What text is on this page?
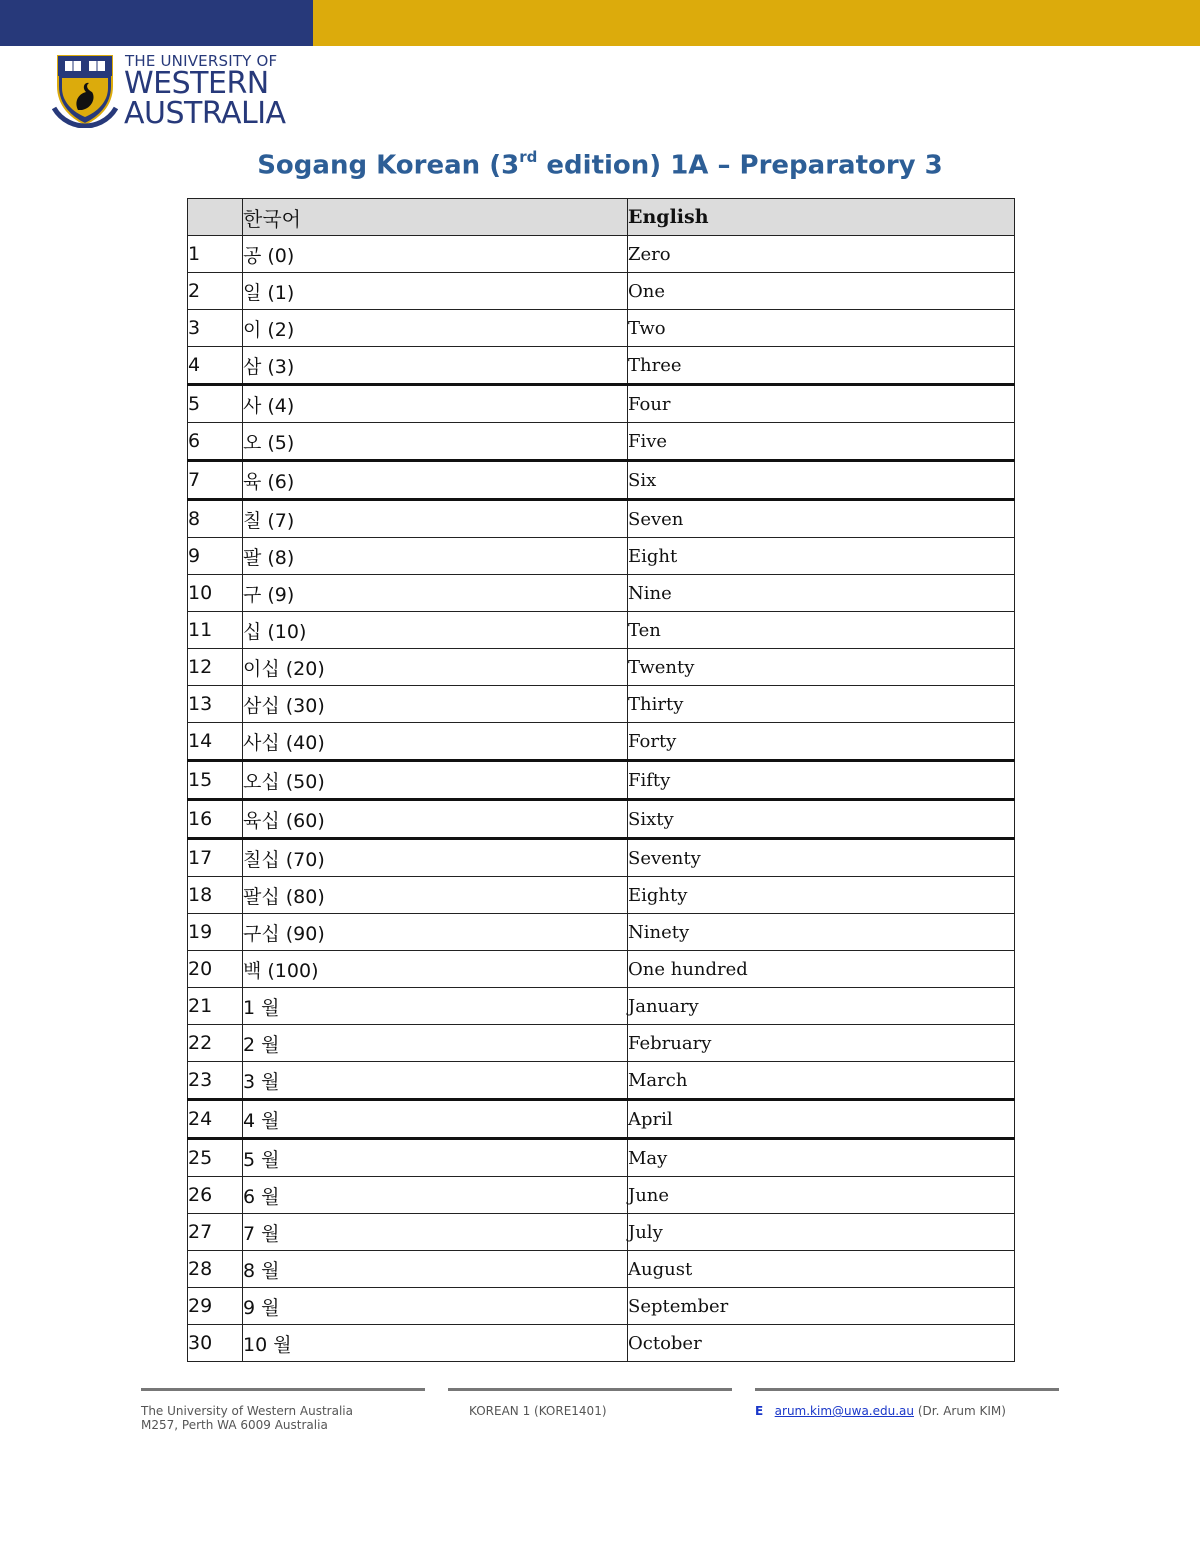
THE UNIVERSITY OF
WESTERN
AUSTRALIA
Sogang Korean (3rd edition) 1A – Preparatory 3
	한국어	English
1	공 (0)	Zero
2	일 (1)	One
3	이 (2)	Two
4	삼 (3)	Three
5	사 (4)	Four
6	오 (5)	Five
7	육 (6)	Six
8	칠 (7)	Seven
9	팔 (8)	Eight
10	구 (9)	Nine
11	십 (10)	Ten
12	이십 (20)	Twenty
13	삼십 (30)	Thirty
14	사십 (40)	Forty
15	오십 (50)	Fifty
16	육십 (60)	Sixty
17	칠십 (70)	Seventy
18	팔십 (80)	Eighty
19	구십 (90)	Ninety
20	백 (100)	One hundred
21	1 월	January
22	2 월	February
23	3 월	March
24	4 월	April
25	5 월	May
26	6 월	June
27	7 월	July
28	8 월	August
29	9 월	September
30	10 월	October
The University of Western Australia
M257, Perth WA 6009 Australia
KOREAN 1 (KORE1401)	E arum.kim@uwa.edu.au (Dr. Arum KIM)
